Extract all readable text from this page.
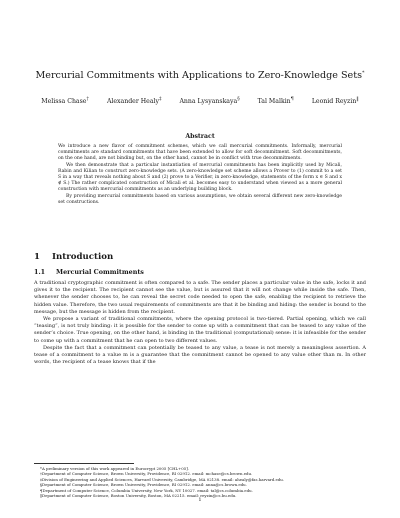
Mercurial Commitments with Applications to Zero-Knowledge Sets*
Melissa Chase†	Alexander Healy‡	Anna Lysyanskaya§	Tal Malkin¶	Leonid Reyzin‖
Abstract

We introduce a new flavor of commitment schemes, which we call mercurial commitments. Informally, mercurial commitments are standard commitments that have been extended to allow for soft decommitment. Soft decommitments, on the one hand, are not binding but, on the other hand, cannot be in conflict with true decommitments.

We then demonstrate that a particular instantiation of mercurial commitments has been implicitly used by Micali, Rabin and Kilian to construct zero-knowledge sets. (A zero-knowledge set scheme allows a Prover to (1) commit to a set S in a way that reveals nothing about S and (2) prove to a Verifier, in zero-knowledge, statements of the form x ∈ S and x ∉ S.) The rather complicated construction of Micali et al. becomes easy to understand when viewed as a more general construction with mercurial commitments as an underlying building block.

By providing mercurial commitments based on various assumptions, we obtain several different new zero-knowledge set constructions.

1 Introduction
1.1 Mercurial Commitments

A traditional cryptographic commitment is often compared to a safe. The sender places a particular value in the safe, locks it and gives it to the recipient. The recipient cannot see the value, but is assured that it will not change while inside the safe. Then, whenever the sender chooses to, he can reveal the secret code needed to open the safe, enabling the recipient to retrieve the hidden value. Therefore, the two usual requirements of commitments are that it be binding and hiding: the sender is bound to the message, but the message is hidden from the recipient.

We propose a variant of traditional commitments, where the opening protocol is two-tiered. Partial opening, which we call “teasing”, is not truly binding: it is possible for the sender to come up with a commitment that can be teased to any value of the sender’s choice. True opening, on the other hand, is binding in the traditional (computational) sense: it is infeasible for the sender to come up with a commitment that he can open to two different values.

Despite the fact that a commitment can potentially be teased to any value, a tease is not merely a meaningless assertion. A tease of a commitment to a value m is a guarantee that the commitment cannot be opened to any value other than m. In other words, the recipient of a tease knows that if the

*A preliminary version of this work appeared in Eurocrypt 2005 [CHL+05].

†Department of Computer Science, Brown University, Providence, RI 02912. email: mchase@cs.brown.edu.

‡Division of Engineering and Applied Sciences, Harvard University, Cambridge, MA 02138. email: ahealy@fas.harvard.edu.

§Department of Computer Science, Brown University, Providence, RI 02912. email: anna@cs.brown.edu.

¶Department of Computer Science, Columbia University, New York, NY 10027. email: tal@cs.columbia.edu.

‖Department of Computer Science, Boston University, Boston, MA 02215. email: reyzin@cs.bu.edu.

1
